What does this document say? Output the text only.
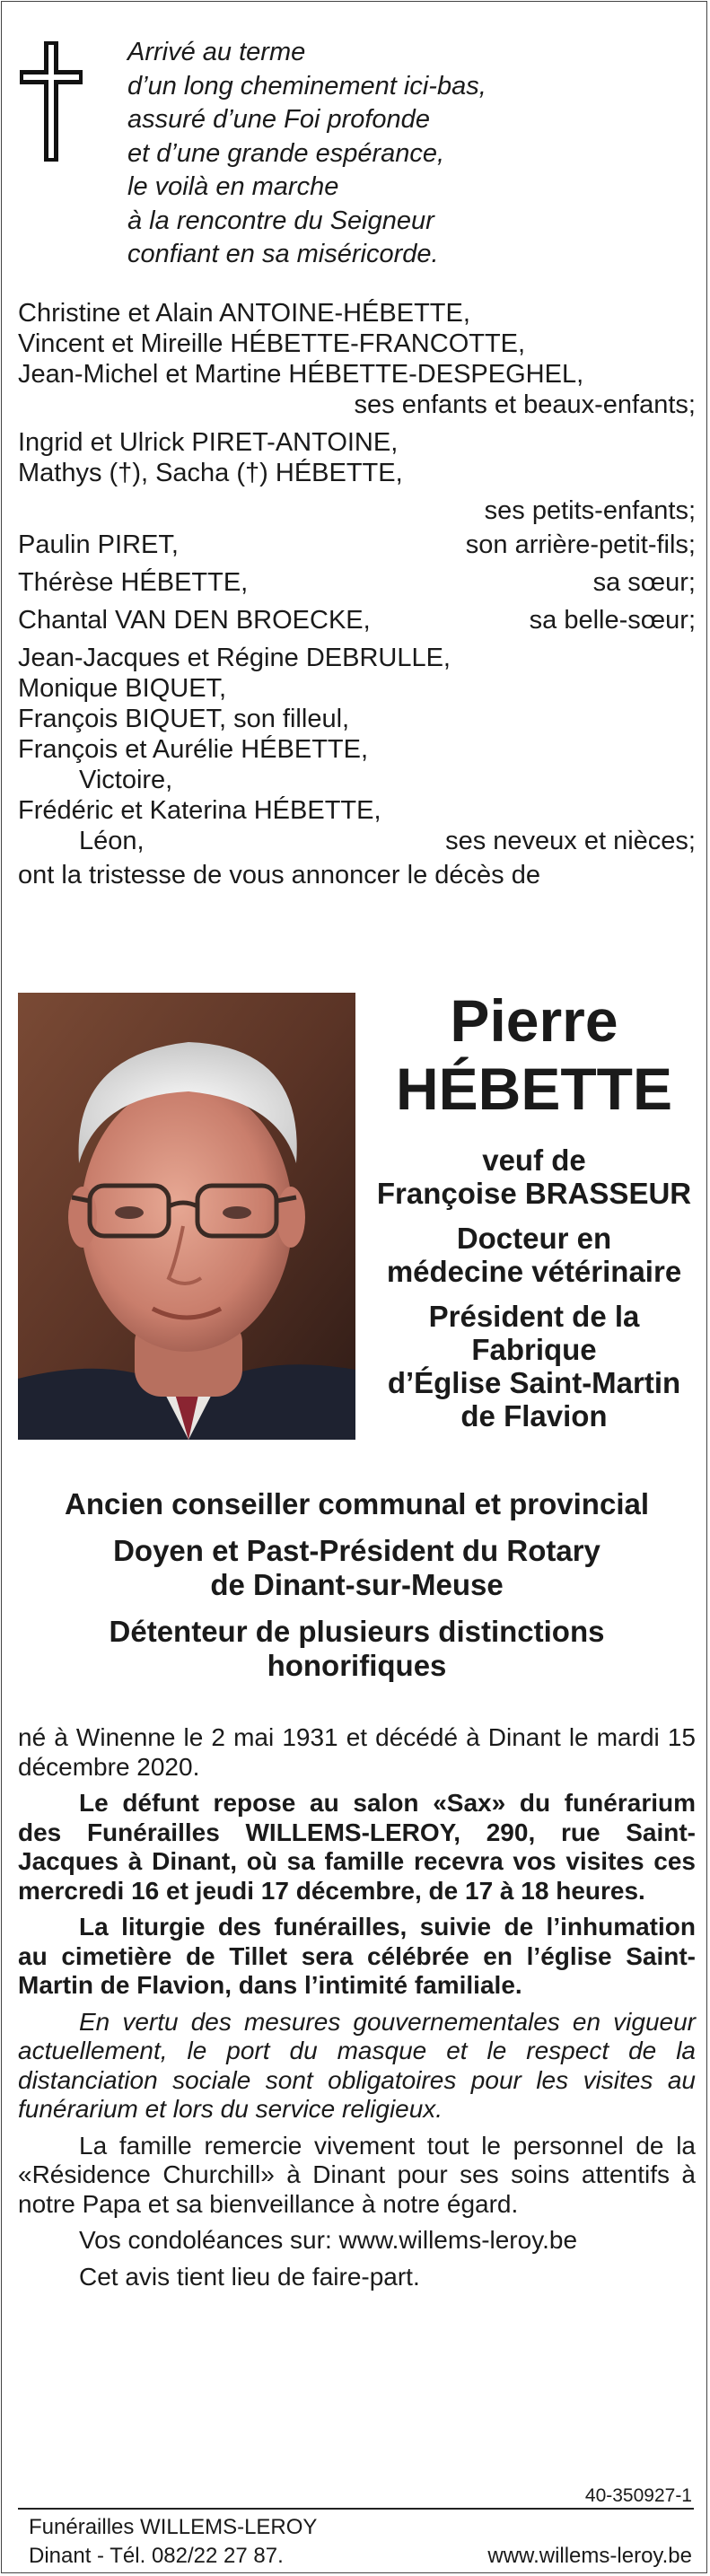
Arrivé au terme
d’un long cheminement ici-bas,
assuré d’une Foi profonde
et d’une grande espérance,
le voilà en marche
à la rencontre du Seigneur
confiant en sa miséricorde.
Christine et Alain ANTOINE-HÉBETTE,
Vincent et Mireille HÉBETTE-FRANCOTTE,
Jean-Michel et Martine HÉBETTE-DESPEGHEL,
ses enfants et beaux-enfants;
Ingrid et Ulrick PIRET-ANTOINE,
Mathys (†), Sacha (†) HÉBETTE,
ses petits-enfants;
Paulin PIRET,	son arrière-petit-fils;
Thérèse HÉBETTE,	sa sœur;
Chantal VAN DEN BROECKE,	sa belle-sœur;
Jean-Jacques et Régine DEBRULLE,
Monique BIQUET,
François BIQUET, son filleul,
François et Aurélie HÉBETTE,
Victoire,
Frédéric et Katerina HÉBETTE,
Léon,	ses neveux et nièces;
ont la tristesse de vous annoncer le décès de
Pierre
HÉBETTE
veuf de
Françoise BRASSEUR
Docteur en
médecine vétérinaire
Président de la
Fabrique
d’Église Saint-Martin
de Flavion
Ancien conseiller communal et provincial
Doyen et Past-Président du Rotary
de Dinant-sur-Meuse
Détenteur de plusieurs distinctions
honorifiques

né à Winenne le 2 mai 1931 et décédé à Dinant le mardi 15 décembre 2020.

Le défunt repose au salon «Sax» du funérarium des Funérailles WILLEMS-LEROY, 290, rue Saint-Jacques à Dinant, où sa famille recevra vos visites ces mercredi 16 et jeudi 17 décembre, de 17 à 18 heures.

La liturgie des funérailles, suivie de l’inhumation au cimetière de Tillet sera célébrée en l’église Saint-Martin de Flavion, dans l’intimité familiale.

En vertu des mesures gouvernementales en vigueur actuellement, le port du masque et le respect de la distanciation sociale sont obligatoires pour les visites au funérarium et lors du service religieux.

La famille remercie vivement tout le personnel de la «Résidence Churchill» à Dinant pour ses soins attentifs à notre Papa et sa bienveillance à notre égard.

Vos condoléances sur: www.willems-leroy.be

Cet avis tient lieu de faire-part.

40-350927-1
Funérailles WILLEMS-LEROY
Dinant - Tél. 082/22 27 87.	www.willems-leroy.be
